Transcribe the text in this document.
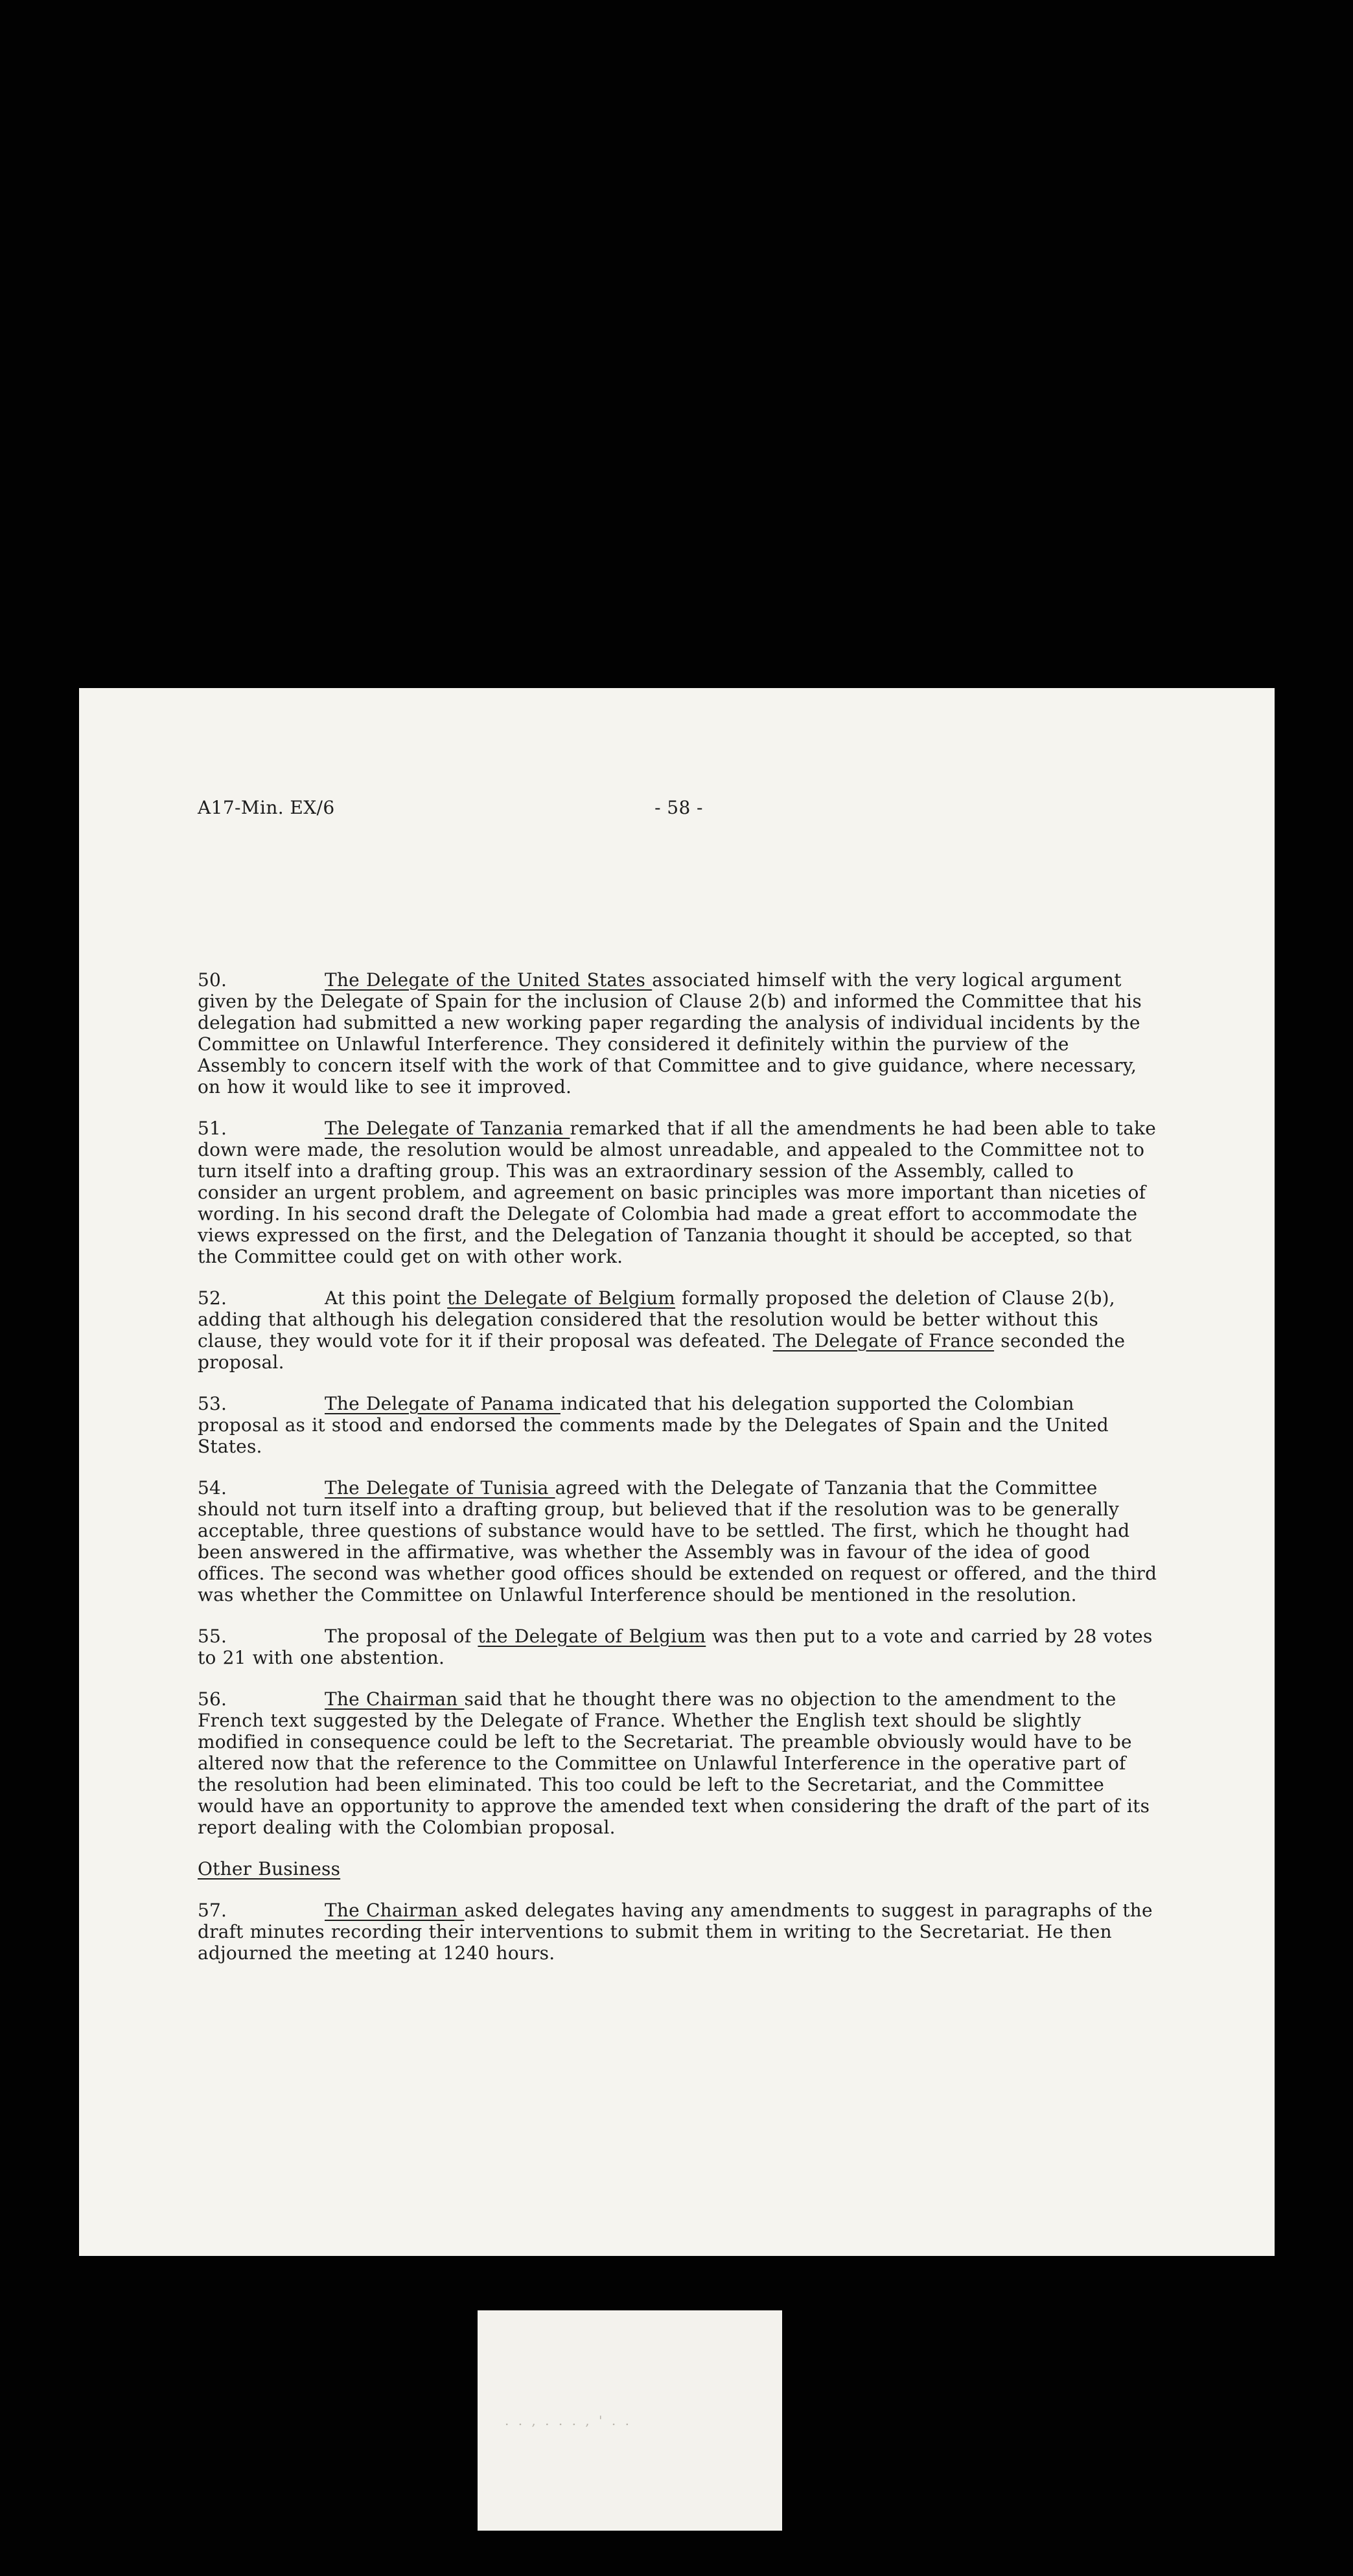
A17-Min. EX/6	- 58 -

50.	The Delegate of the United States associated himself with the very logical argument given by the Delegate of Spain for the inclusion of Clause 2(b) and informed the Committee that his delegation had submitted a new working paper regarding the analysis of individual incidents by the Committee on Unlawful Interference. They considered it definitely within the purview of the Assembly to concern itself with the work of that Committee and to give guidance, where necessary, on how it would like to see it improved.

51.	The Delegate of Tanzania remarked that if all the amendments he had been able to take down were made, the resolution would be almost unreadable, and appealed to the Committee not to turn itself into a drafting group. This was an extraordinary session of the Assembly, called to consider an urgent problem, and agreement on basic principles was more important than niceties of wording. In his second draft the Delegate of Colombia had made a great effort to accommodate the views expressed on the first, and the Delegation of Tanzania thought it should be accepted, so that the Committee could get on with other work.

52.	At this point the Delegate of Belgium formally proposed the deletion of Clause 2(b), adding that although his delegation considered that the resolution would be better without this clause, they would vote for it if their proposal was defeated. The Delegate of France seconded the proposal.

53.	The Delegate of Panama indicated that his delegation supported the Colombian proposal as it stood and endorsed the comments made by the Delegates of Spain and the United States.

54.	The Delegate of Tunisia agreed with the Delegate of Tanzania that the Committee should not turn itself into a drafting group, but believed that if the resolution was to be generally acceptable, three questions of substance would have to be settled. The first, which he thought had been answered in the affirmative, was whether the Assembly was in favour of the idea of good offices. The second was whether good offices should be extended on request or offered, and the third was whether the Committee on Unlawful Interference should be mentioned in the resolution.

55.	The proposal of the Delegate of Belgium was then put to a vote and carried by 28 votes to 21 with one abstention.

56.	The Chairman said that he thought there was no objection to the amendment to the French text suggested by the Delegate of France. Whether the English text should be slightly modified in consequence could be left to the Secretariat. The preamble obviously would have to be altered now that the reference to the Committee on Unlawful Interference in the operative part of the resolution had been eliminated. This too could be left to the Secretariat, and the Committee would have an opportunity to approve the amended text when considering the draft of the part of its report dealing with the Colombian proposal.

Other Business

57.	The Chairman asked delegates having any amendments to suggest in paragraphs of the draft minutes recording their interventions to submit them in writing to the Secretariat. He then adjourned the meeting at 1240 hours.

. . , . . . , ' . .
